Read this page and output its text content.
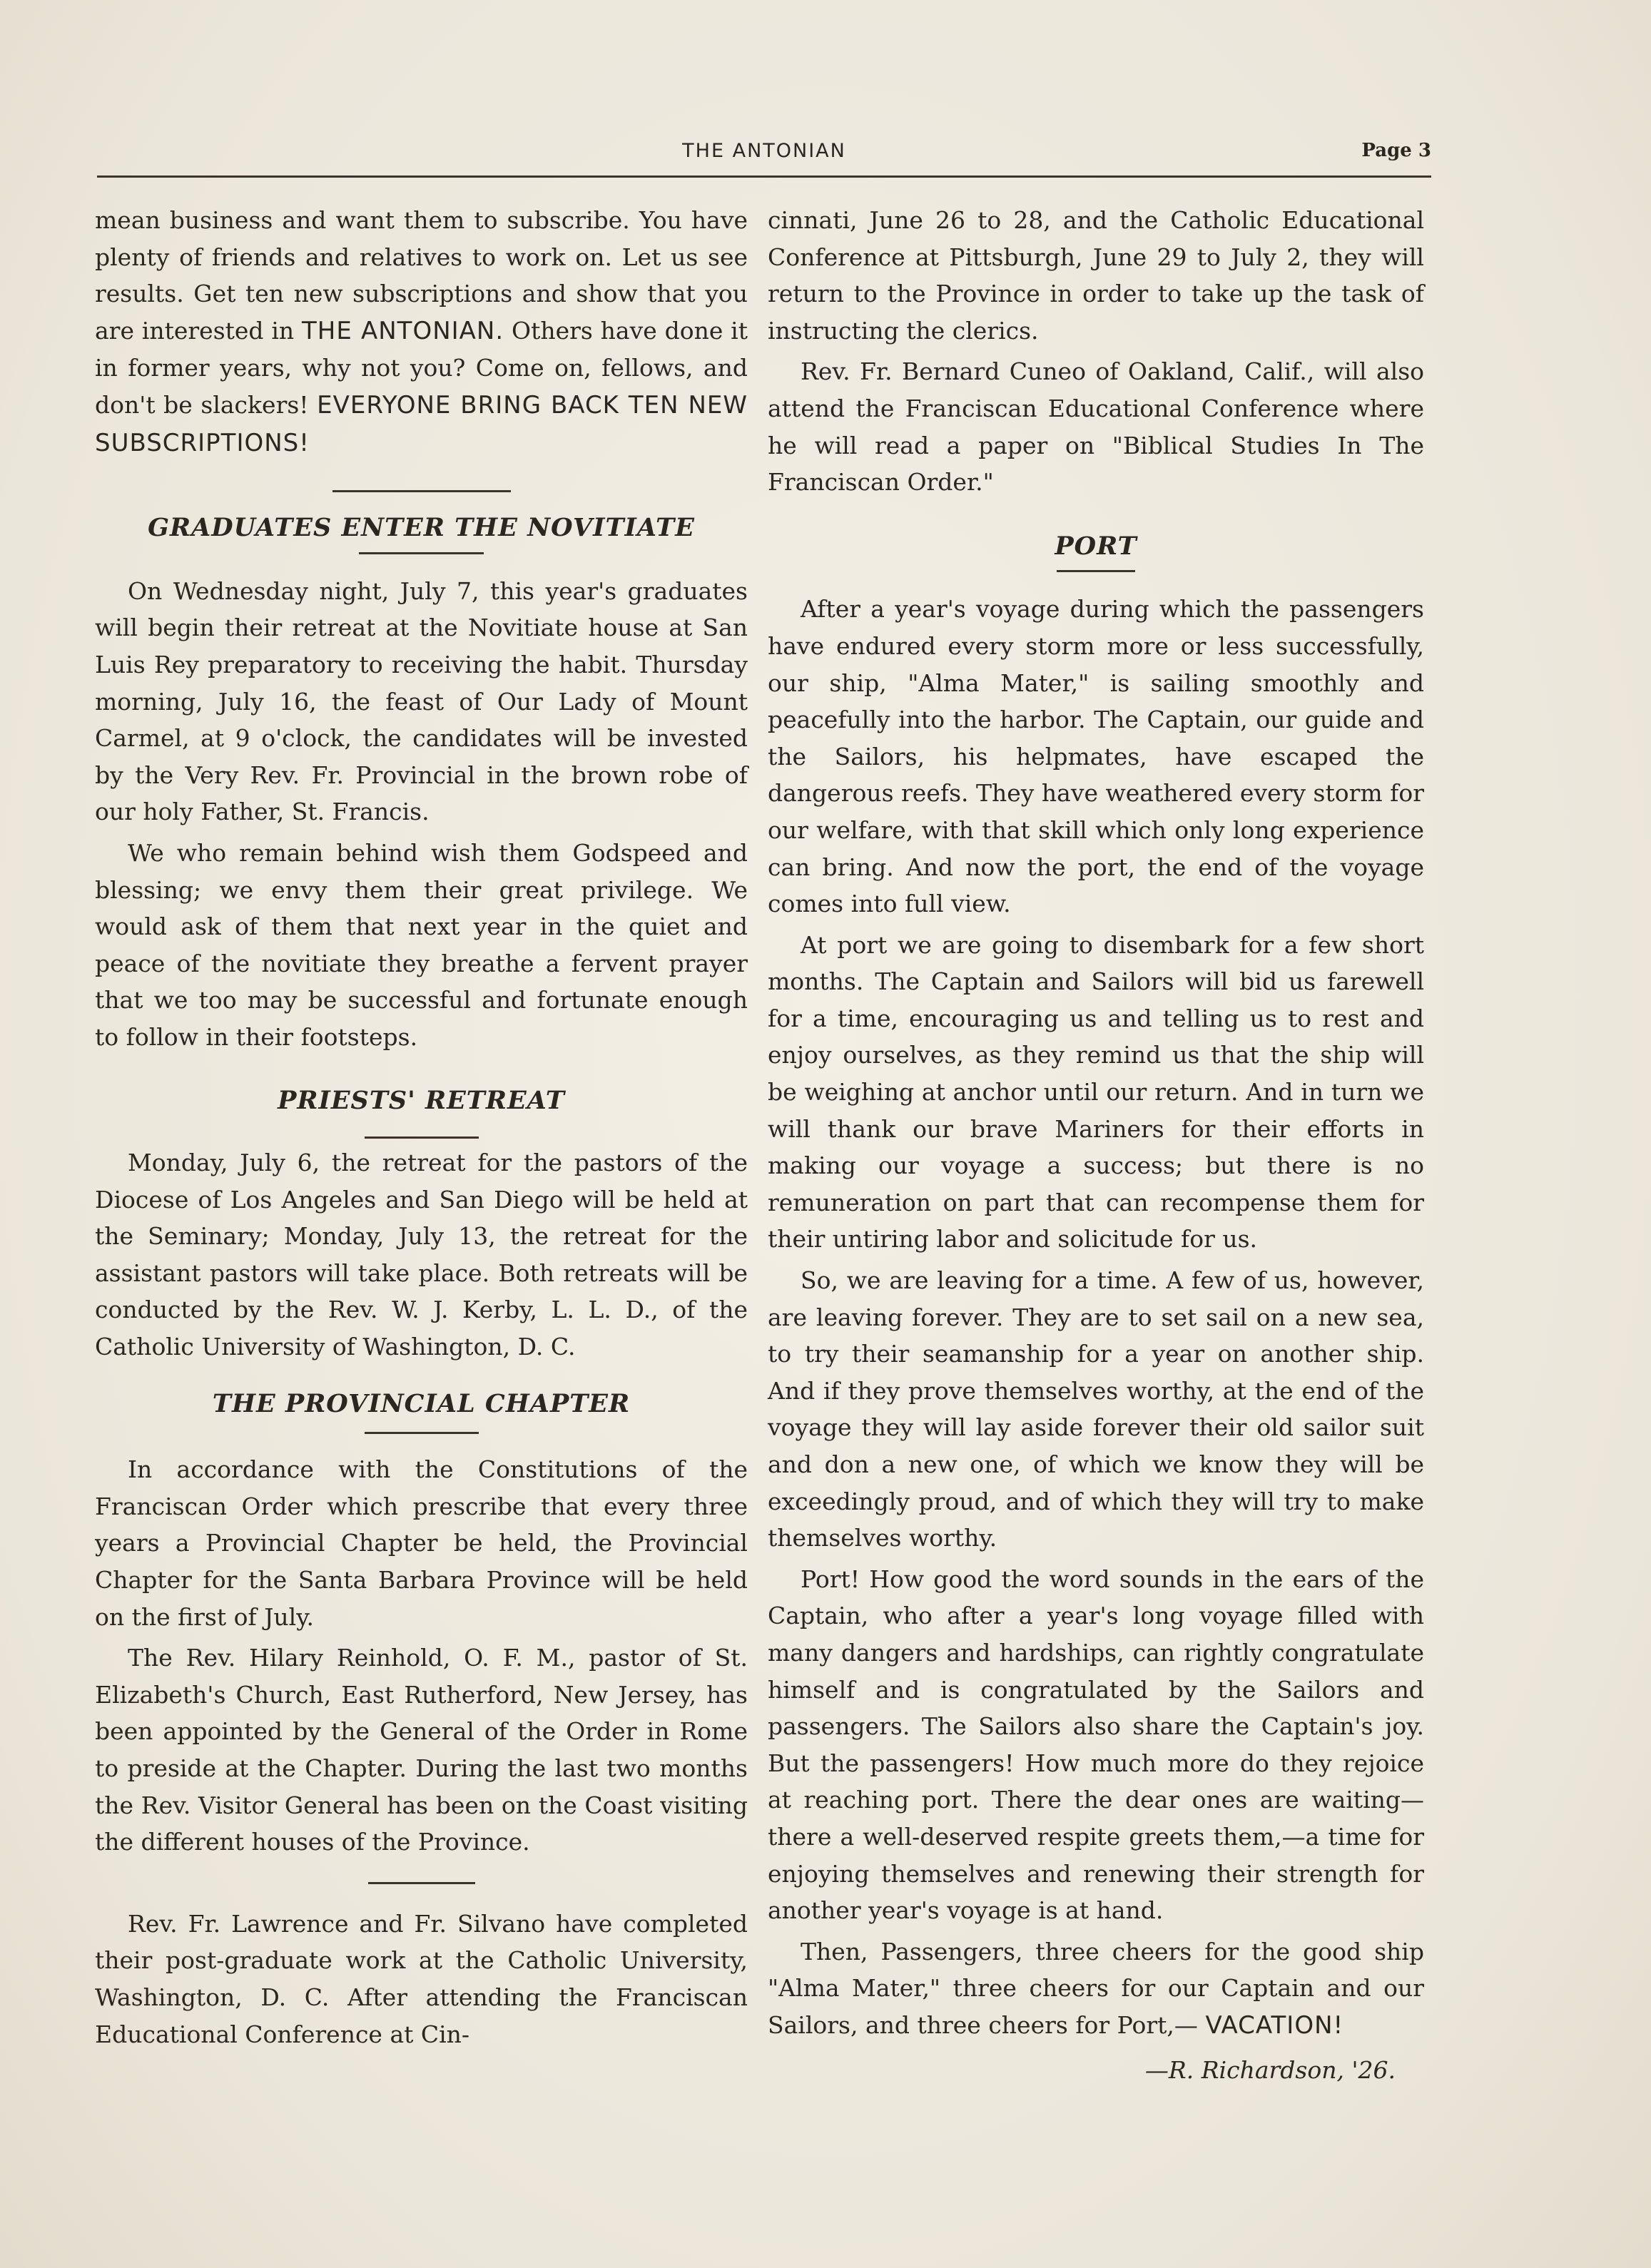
THE ANTONIAN	Page 3

mean business and want them to subscribe. You have plenty of friends and relatives to work on. Let us see results. Get ten new subscriptions and show that you are interested in THE ANTONIAN. Others have done it in former years, why not you? Come on, fellows, and don't be slackers! EVERYONE BRING BACK TEN NEW SUBSCRIPTIONS!

GRADUATES ENTER THE NOVITIATE

On Wednesday night, July 7, this year's graduates will begin their retreat at the Novitiate house at San Luis Rey preparatory to receiving the habit. Thursday morning, July 16, the feast of Our Lady of Mount Carmel, at 9 o'clock, the candidates will be invested by the Very Rev. Fr. Provincial in the brown robe of our holy Father, St. Francis.

We who remain behind wish them Godspeed and blessing; we envy them their great privilege. We would ask of them that next year in the quiet and peace of the novitiate they breathe a fervent prayer that we too may be successful and fortunate enough to follow in their footsteps.

PRIESTS' RETREAT

Monday, July 6, the retreat for the pastors of the Diocese of Los Angeles and San Diego will be held at the Seminary; Monday, July 13, the retreat for the assistant pastors will take place. Both retreats will be conducted by the Rev. W. J. Kerby, L. L. D., of the Catholic University of Washington, D. C.

THE PROVINCIAL CHAPTER

In accordance with the Constitutions of the Franciscan Order which prescribe that every three years a Provincial Chapter be held, the Provincial Chapter for the Santa Barbara Province will be held on the first of July.

The Rev. Hilary Reinhold, O. F. M., pastor of St. Elizabeth's Church, East Rutherford, New Jersey, has been appointed by the General of the Order in Rome to preside at the Chapter. During the last two months the Rev. Visitor General has been on the Coast visiting the different houses of the Province.

Rev. Fr. Lawrence and Fr. Silvano have completed their post-graduate work at the Catholic University, Washington, D. C. After attending the Franciscan Educational Conference at Cin-

cinnati, June 26 to 28, and the Catholic Educational Conference at Pittsburgh, June 29 to July 2, they will return to the Province in order to take up the task of instructing the clerics.

Rev. Fr. Bernard Cuneo of Oakland, Calif., will also attend the Franciscan Educational Conference where he will read a paper on "Biblical Studies In The Franciscan Order."

PORT

After a year's voyage during which the passengers have endured every storm more or less successfully, our ship, "Alma Mater," is sailing smoothly and peacefully into the harbor. The Captain, our guide and the Sailors, his helpmates, have escaped the dangerous reefs. They have weathered every storm for our welfare, with that skill which only long experience can bring. And now the port, the end of the voyage comes into full view.

At port we are going to disembark for a few short months. The Captain and Sailors will bid us farewell for a time, encouraging us and telling us to rest and enjoy ourselves, as they remind us that the ship will be weighing at anchor until our return. And in turn we will thank our brave Mariners for their efforts in making our voyage a success; but there is no remuneration on part that can recompense them for their untiring labor and solicitude for us.

So, we are leaving for a time. A few of us, however, are leaving forever. They are to set sail on a new sea, to try their seamanship for a year on another ship. And if they prove themselves worthy, at the end of the voyage they will lay aside forever their old sailor suit and don a new one, of which we know they will be exceedingly proud, and of which they will try to make themselves worthy.

Port! How good the word sounds in the ears of the Captain, who after a year's long voyage filled with many dangers and hardships, can rightly congratulate himself and is congratulated by the Sailors and passengers. The Sailors also share the Captain's joy. But the passengers! How much more do they rejoice at reaching port. There the dear ones are waiting—there a well-deserved respite greets them,—a time for enjoying themselves and renewing their strength for another year's voyage is at hand.

Then, Passengers, three cheers for the good ship "Alma Mater," three cheers for our Captain and our Sailors, and three cheers for Port,— VACATION!

—R. Richardson, '26.
